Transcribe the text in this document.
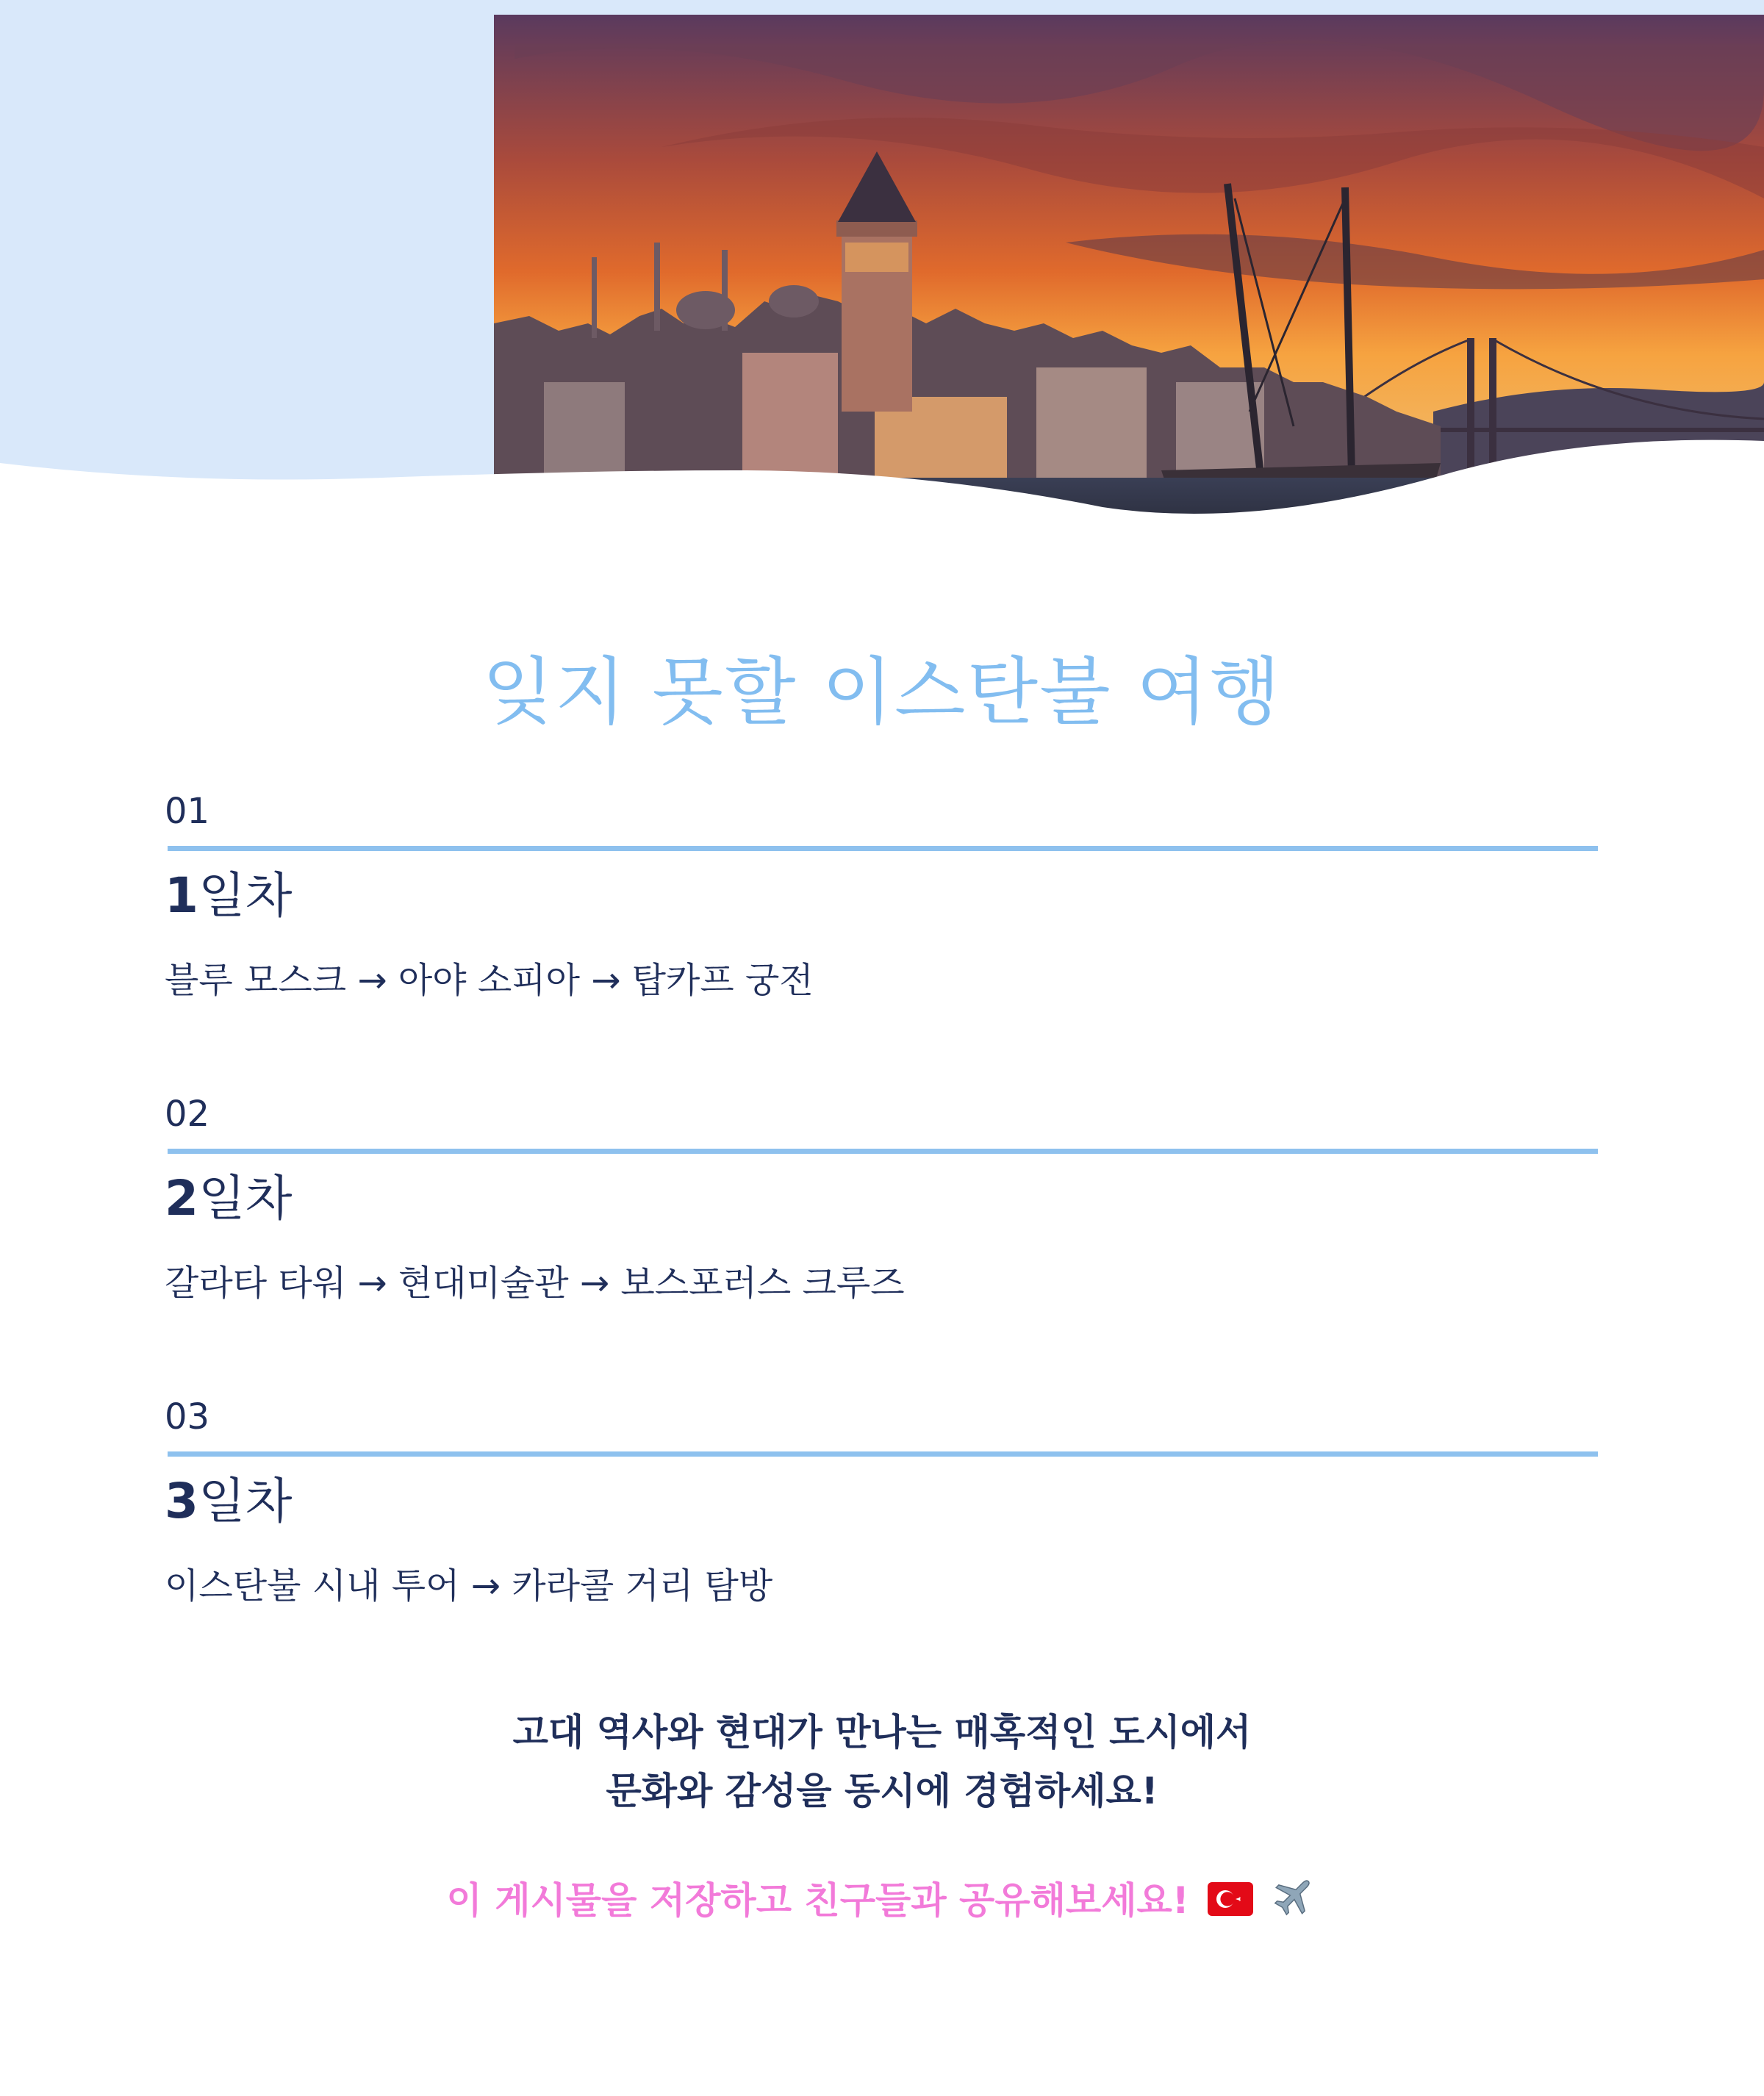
잊지 못할 이스탄불 여행
01
1일차
블루 모스크 → 아야 소피아 → 탑카프 궁전
02
2일차
갈라타 타워 → 현대미술관 → 보스포러스 크루즈
03
3일차
이스탄불 시내 투어 → 카라콜 거리 탐방
고대 역사와 현대가 만나는 매혹적인 도시에서
문화와 감성을 동시에 경험하세요!
이 게시물을 저장하고 친구들과 공유해보세요!
